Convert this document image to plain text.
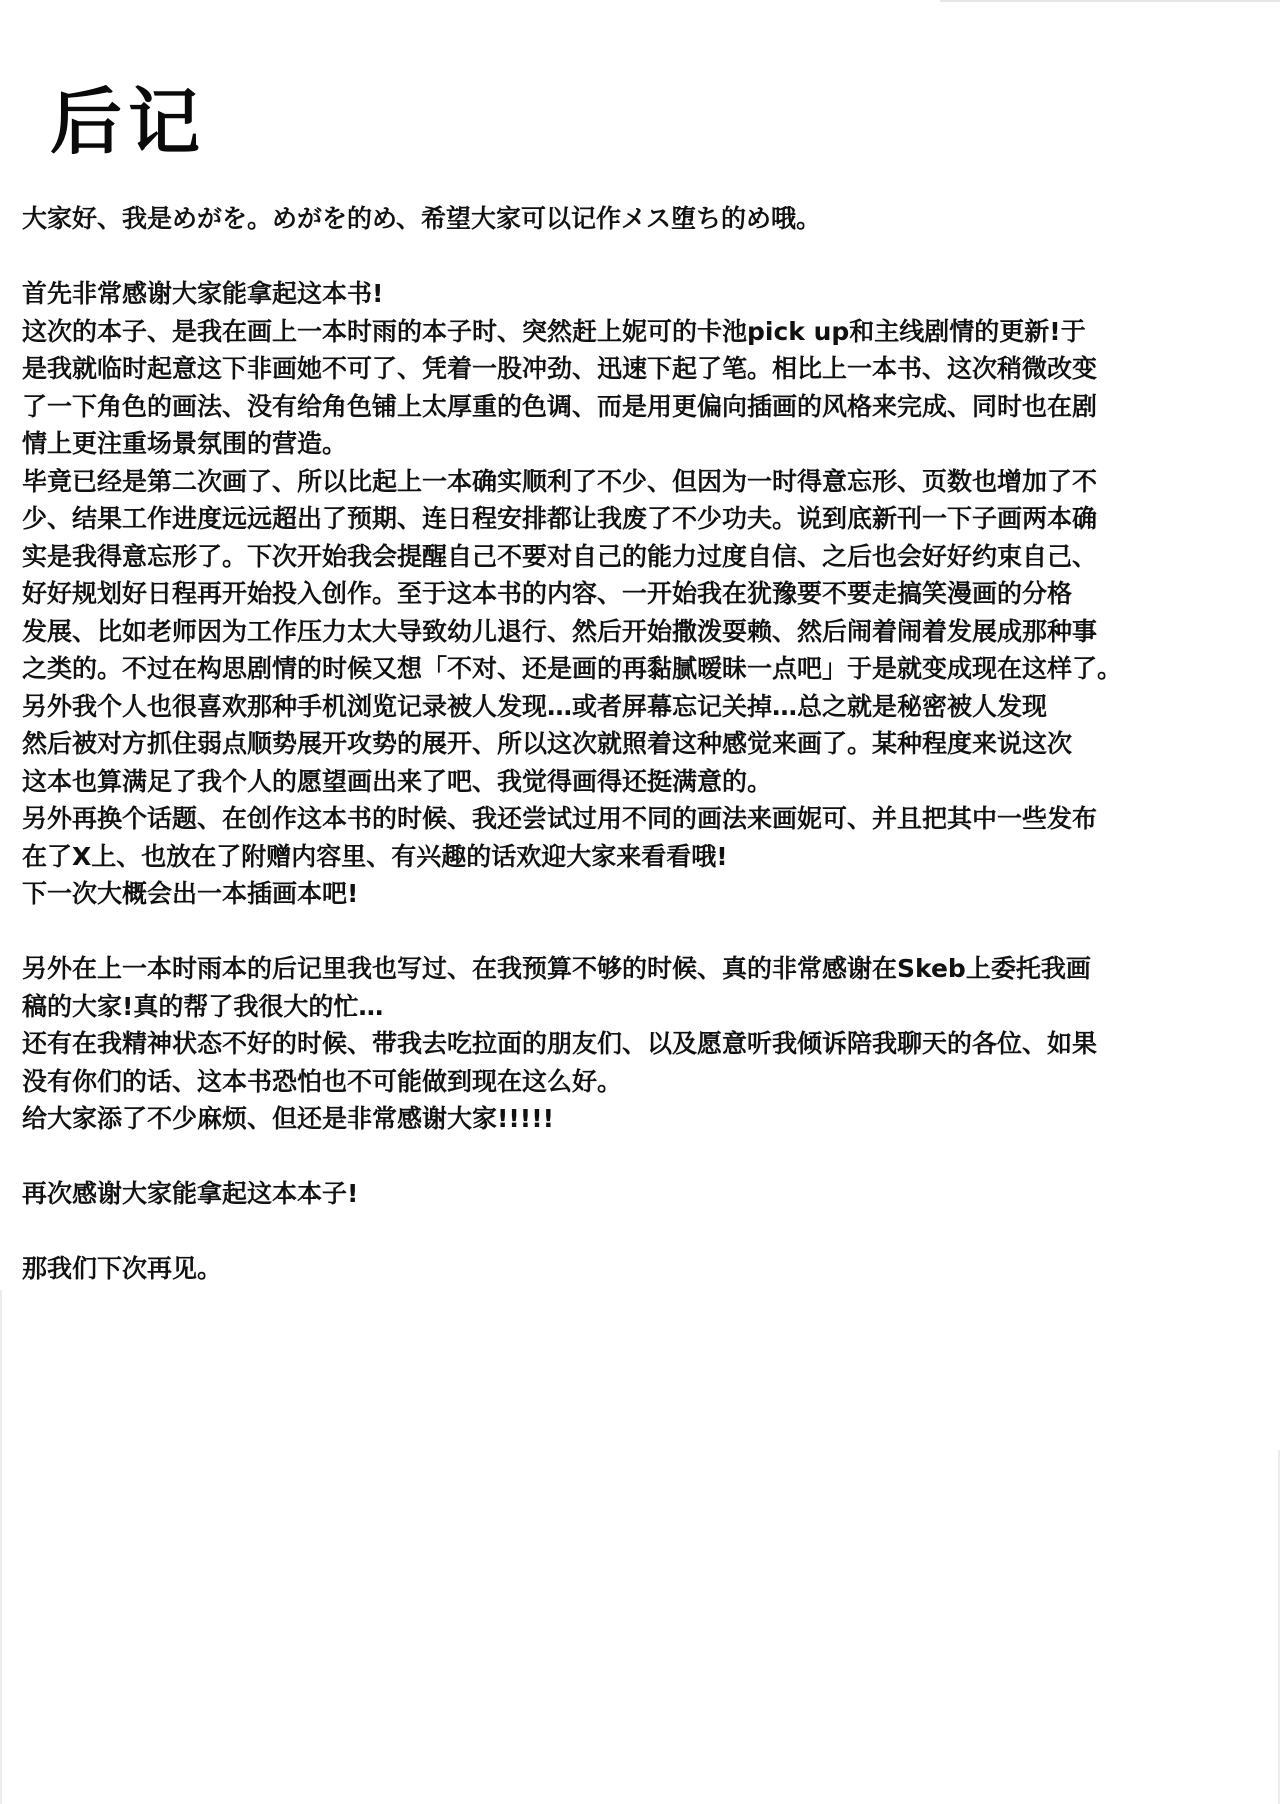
后记

大家好、我是めがを。めがを的め、希望大家可以记作メス堕ち的め哦。

首先非常感谢大家能拿起这本书!

这次的本子、是我在画上一本时雨的本子时、突然赶上妮可的卡池pick up和主线剧情的更新!于

是我就临时起意这下非画她不可了、凭着一股冲劲、迅速下起了笔。相比上一本书、这次稍微改变

了一下角色的画法、没有给角色铺上太厚重的色调、而是用更偏向插画的风格来完成、同时也在剧

情上更注重场景氛围的营造。

毕竟已经是第二次画了、所以比起上一本确实顺利了不少、但因为一时得意忘形、页数也增加了不

少、结果工作进度远远超出了预期、连日程安排都让我废了不少功夫。说到底新刊一下子画两本确

实是我得意忘形了。下次开始我会提醒自己不要对自己的能力过度自信、之后也会好好约束自己、

好好规划好日程再开始投入创作。至于这本书的内容、一开始我在犹豫要不要走搞笑漫画的分格

发展、比如老师因为工作压力太大导致幼儿退行、然后开始撒泼耍赖、然后闹着闹着发展成那种事

之类的。不过在构思剧情的时候又想「不对、还是画的再黏腻暧昧一点吧」于是就变成现在这样了。

另外我个人也很喜欢那种手机浏览记录被人发现…或者屏幕忘记关掉…总之就是秘密被人发现

然后被对方抓住弱点顺势展开攻势的展开、所以这次就照着这种感觉来画了。某种程度来说这次

这本也算满足了我个人的愿望画出来了吧、我觉得画得还挺满意的。

另外再换个话题、在创作这本书的时候、我还尝试过用不同的画法来画妮可、并且把其中一些发布

在了X上、也放在了附赠内容里、有兴趣的话欢迎大家来看看哦!

下一次大概会出一本插画本吧!

另外在上一本时雨本的后记里我也写过、在我预算不够的时候、真的非常感谢在Skeb上委托我画

稿的大家!真的帮了我很大的忙…

还有在我精神状态不好的时候、带我去吃拉面的朋友们、以及愿意听我倾诉陪我聊天的各位、如果

没有你们的话、这本书恐怕也不可能做到现在这么好。

给大家添了不少麻烦、但还是非常感谢大家!!!!!

再次感谢大家能拿起这本本子!

那我们下次再见。
